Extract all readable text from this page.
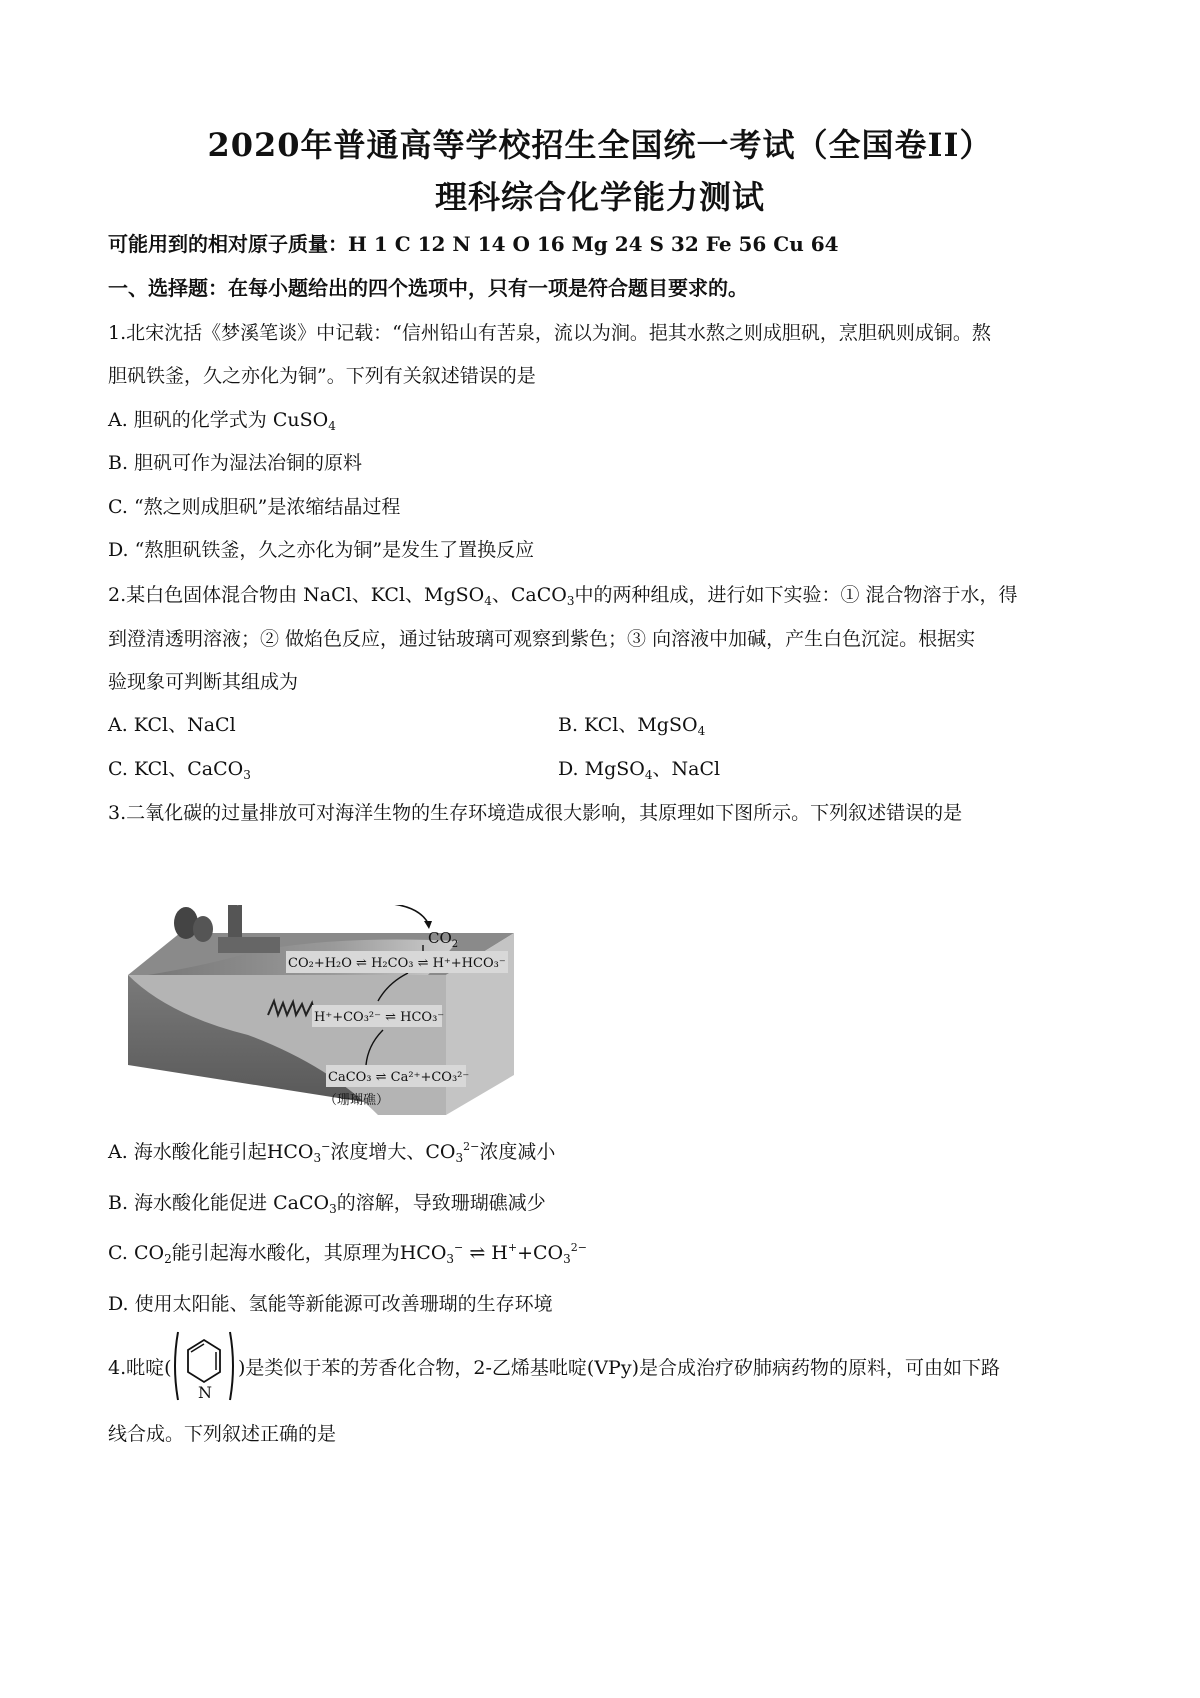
2020年普通高等学校招生全国统一考试（全国卷II）
理科综合化学能力测试
可能用到的相对原子质量：H 1 C 12 N 14 O 16 Mg 24 S 32 Fe 56 Cu 64
一、选择题：在每小题给出的四个选项中，只有一项是符合题目要求的。
1.北宋沈括《梦溪笔谈》中记载：“信州铅山有苦泉，流以为涧。挹其水熬之则成胆矾，烹胆矾则成铜。熬
胆矾铁釜，久之亦化为铜”。下列有关叙述错误的是
A. 胆矾的化学式为 CuSO$_4$
B. 胆矾可作为湿法冶铜的原料
C. “熬之则成胆矾”是浓缩结晶过程
D. “熬胆矾铁釜，久之亦化为铜”是发生了置换反应
2.某白色固体混合物由 NaCl、KCl、MgSO$_4$、CaCO$_3$中的两种组成，进行如下实验：① 混合物溶于水，得
到澄清透明溶液；② 做焰色反应，通过钴玻璃可观察到紫色；③ 向溶液中加碱，产生白色沉淀。根据实
验现象可判断其组成为
A. KCl、NaCl	B. KCl、MgSO$_4$
C. KCl、CaCO$_3$	D. MgSO$_4$、NaCl
3.二氧化碳的过量排放可对海洋生物的生存环境造成很大影响，其原理如下图所示。下列叙述错误的是
$CO_2$
CO₂+H₂O ⇌ H₂CO₃ ⇌ H⁺+HCO₃⁻
H⁺+CO₃²⁻ ⇌ HCO₃⁻
CaCO₃ ⇌ Ca²⁺+CO₃²⁻
（珊瑚礁）
A. 海水酸化能引起$HCO_3^-$浓度增大、$CO_3^{2-}$浓度减小
B. 海水酸化能促进 CaCO$_3$的溶解，导致珊瑚礁减少
C. $CO_2$能引起海水酸化，其原理为$HCO_3^-$ ⇌ $H^++CO_3^{2-}$
D. 使用太阳能、氢能等新能源可改善珊瑚的生存环境
4.吡啶(
N
)是类似于苯的芳香化合物，2-乙烯基吡啶(VPy)是合成治疗矽肺病药物的原料，可由如下路
线合成。下列叙述正确的是
